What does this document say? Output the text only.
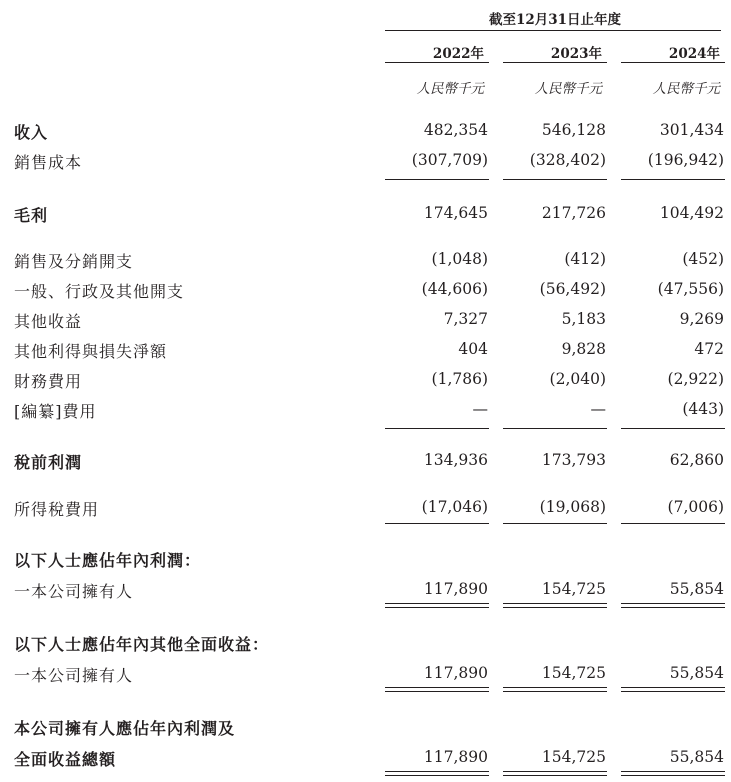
截至12月31日止年度
2022年	2023年	2024年
人民幣千元	人民幣千元	人民幣千元
收入	482,354	546,128	301,434
銷售成本	(307,709)	(328,402)	(196,942)
毛利	174,645	217,726	104,492
銷售及分銷開支	(1,048)	(412)	(452)
一般、行政及其他開支	(44,606)	(56,492)	(47,556)
其他收益	7,327	5,183	9,269
其他利得與損失淨額	404	9,828	472
財務費用	(1,786)	(2,040)	(2,922)
[編纂]費用	—	—	(443)
稅前利潤	134,936	173,793	62,860
所得稅費用	(17,046)	(19,068)	(7,006)
以下人士應佔年內利潤：
一本公司擁有人	117,890	154,725	55,854
以下人士應佔年內其他全面收益：
一本公司擁有人	117,890	154,725	55,854
本公司擁有人應佔年內利潤及
全面收益總額	117,890	154,725	55,854
